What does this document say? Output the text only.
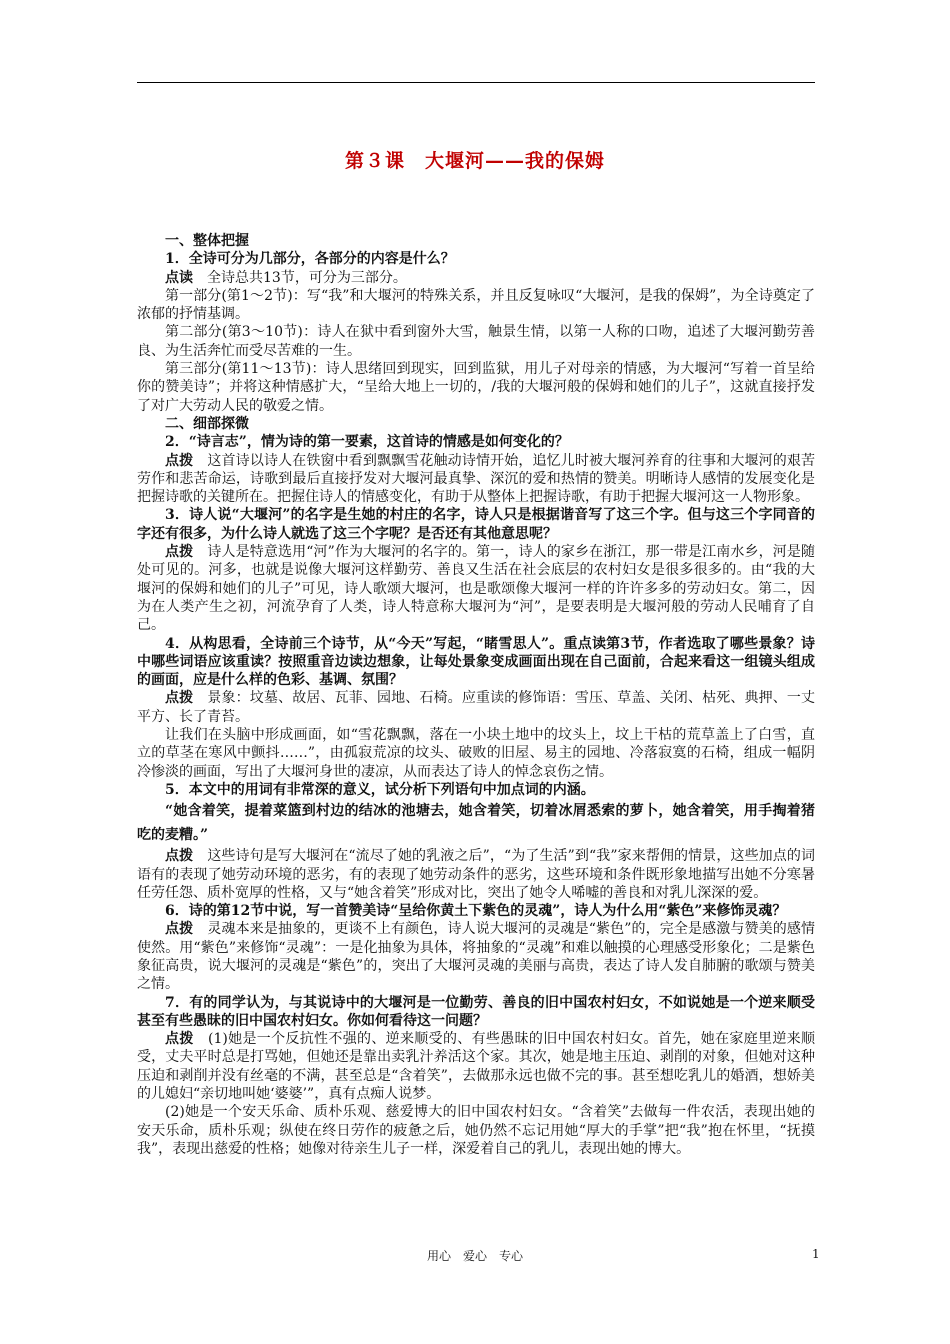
第３课　大堰河——我的保姆

一、整体把握

1．全诗可分为几部分，各部分的内容是什么？

点读　全诗总共13节，可分为三部分。

第一部分(第1～2节)：写“我”和大堰河的特殊关系，并且反复咏叹“大堰河，是我的保姆”，为全诗奠定了浓郁的抒情基调。

第二部分(第3～10节)：诗人在狱中看到窗外大雪，触景生情，以第一人称的口吻，追述了大堰河勤劳善良、为生活奔忙而受尽苦难的一生。

第三部分(第11～13节)：诗人思绪回到现实，回到监狱，用儿子对母亲的情感，为大堰河“写着一首呈给你的赞美诗”；并将这种情感扩大，“呈给大地上一切的，/我的大堰河般的保姆和她们的儿子”，这就直接抒发了对广大劳动人民的敬爱之情。

二、细部探微

2．“诗言志”，情为诗的第一要素，这首诗的情感是如何变化的？

点拨　这首诗以诗人在铁窗中看到飘飘雪花触动诗情开始，追忆儿时被大堰河养育的往事和大堰河的艰苦劳作和悲苦命运，诗歌到最后直接抒发对大堰河最真挚、深沉的爱和热情的赞美。明晰诗人感情的发展变化是把握诗歌的关键所在。把握住诗人的情感变化，有助于从整体上把握诗歌，有助于把握大堰河这一人物形象。

3．诗人说“大堰河”的名字是生她的村庄的名字，诗人只是根据谐音写了这三个字。但与这三个字同音的字还有很多，为什么诗人就选了这三个字呢？是否还有其他意思呢？

点拨　诗人是特意选用“河”作为大堰河的名字的。第一，诗人的家乡在浙江，那一带是江南水乡，河是随处可见的。河多，也就是说像大堰河这样勤劳、善良又生活在社会底层的农村妇女是很多很多的。由“我的大堰河的保姆和她们的儿子”可见，诗人歌颂大堰河，也是歌颂像大堰河一样的许许多多的劳动妇女。第二，因为在人类产生之初，河流孕育了人类，诗人特意称大堰河为“河”，是要表明是大堰河般的劳动人民哺育了自己。

4．从构思看，全诗前三个诗节，从“今天”写起，“睹雪思人”。重点读第3节，作者选取了哪些景象？诗中哪些词语应该重读？按照重音边读边想象，让每处景象变成画面出现在自己面前，合起来看这一组镜头组成的画面，应是什么样的色彩、基调、氛围？

点拨　景象：坟墓、故居、瓦菲、园地、石椅。应重读的修饰语：雪压、草盖、关闭、枯死、典押、一丈平方、长了青苔。

让我们在头脑中形成画面，如“雪花飘飘，落在一小块土地中的坟头上，坟上干枯的荒草盖上了白雪，直立的草茎在寒风中颤抖……”，由孤寂荒凉的坟头、破败的旧屋、易主的园地、冷落寂寞的石椅，组成一幅阴冷惨淡的画面，写出了大堰河身世的凄凉，从而表达了诗人的悼念哀伤之情。

5．本文中的用词有非常深的意义，试分析下列语句中加点词的内涵。

“她含着笑，提着菜篮到村边的结冰的池塘去，她含着笑，切着冰屑悉索的萝卜，她含着笑，用手掏着猪吃的麦糟。”

点拨　这些诗句是写大堰河在“流尽了她的乳液之后”，“为了生活”到“我”家来帮佣的情景，这些加点的词语有的表现了她劳动环境的恶劣，有的表现了她劳动条件的恶劣，这些环境和条件既形象地描写出她不分寒暑任劳任怨、质朴宽厚的性格，又与“她含着笑”形成对比，突出了她令人唏嘘的善良和对乳儿深深的爱。

6．诗的第12节中说，写一首赞美诗“呈给你黄土下紫色的灵魂”，诗人为什么用“紫色”来修饰灵魂？

点拨　灵魂本来是抽象的，更谈不上有颜色，诗人说大堰河的灵魂是“紫色”的，完全是感激与赞美的感情使然。用“紫色”来修饰“灵魂”：一是化抽象为具体，将抽象的“灵魂”和难以触摸的心理感受形象化；二是紫色象征高贵，说大堰河的灵魂是“紫色”的，突出了大堰河灵魂的美丽与高贵，表达了诗人发自肺腑的歌颂与赞美之情。

7．有的同学认为，与其说诗中的大堰河是一位勤劳、善良的旧中国农村妇女，不如说她是一个逆来顺受甚至有些愚昧的旧中国农村妇女。你如何看待这一问题？

点拨　(1)她是一个反抗性不强的、逆来顺受的、有些愚昧的旧中国农村妇女。首先，她在家庭里逆来顺受，丈夫平时总是打骂她，但她还是靠出卖乳汁养活这个家。其次，她是地主压迫、剥削的对象，但她对这种压迫和剥削并没有丝毫的不满，甚至总是“含着笑”，去做那永远也做不完的事。甚至想吃乳儿的婚酒，想娇美的儿媳妇“亲切地叫她‘婆婆’”，真有点痴人说梦。

(2)她是一个安天乐命、质朴乐观、慈爱博大的旧中国农村妇女。“含着笑”去做每一件农活，表现出她的安天乐命，质朴乐观；纵使在终日劳作的疲惫之后，她仍然不忘记用她“厚大的手掌”把“我”抱在怀里，“抚摸我”，表现出慈爱的性格；她像对待亲生儿子一样，深爱着自己的乳儿，表现出她的博大。

用心　爱心　专心	1
